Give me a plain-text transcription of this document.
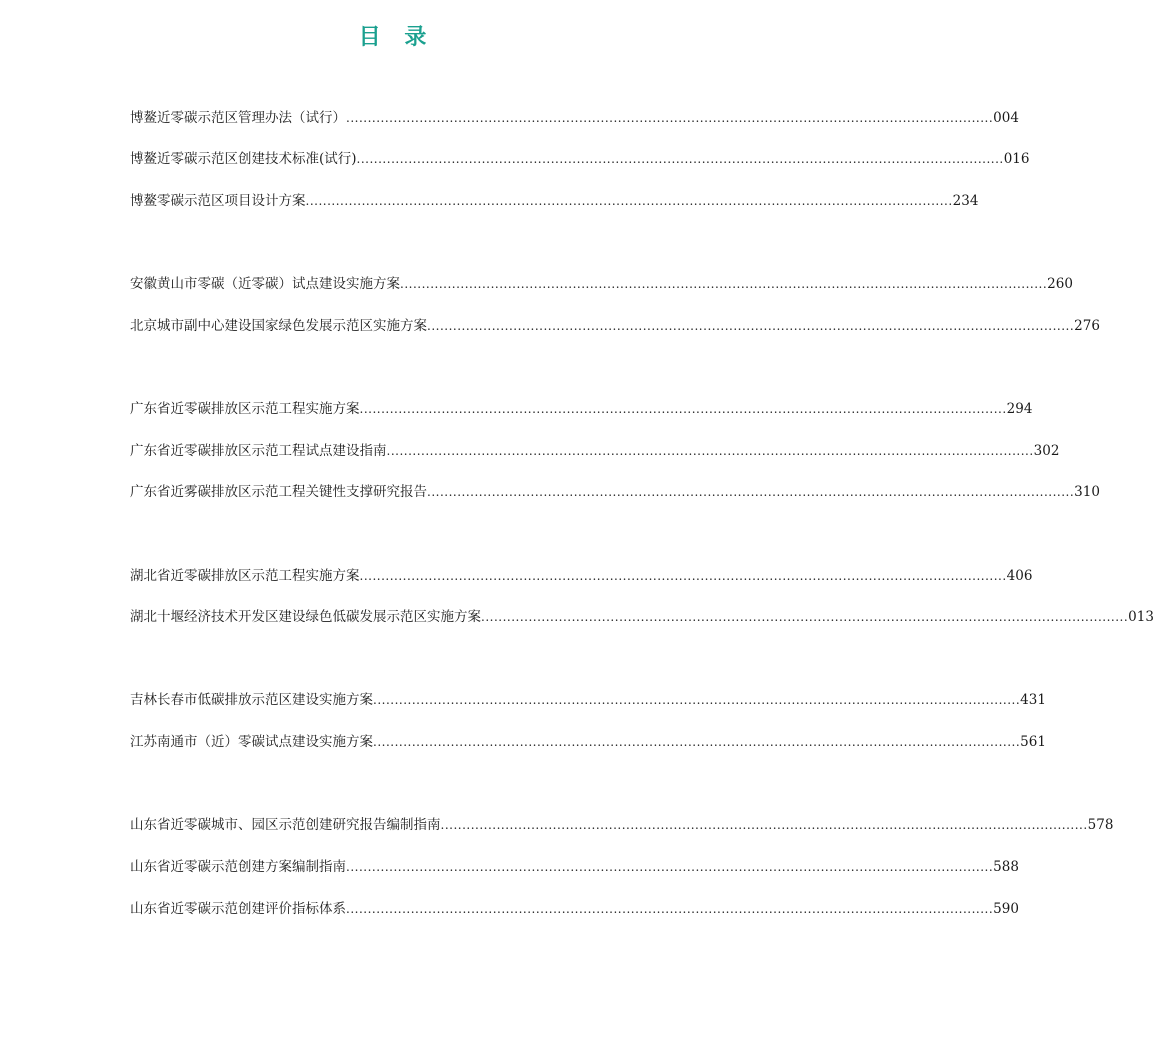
目 录
博鳌近零碳示范区管理办法（试行） ...................................................................................................................................................... 004
博鳌近零碳示范区创建技术标准(试行) ...................................................................................................................................................... 016
博鳌零碳示范区项目设计方案 ...................................................................................................................................................... 234
安徽黄山市零碳（近零碳）试点建设实施方案 ...................................................................................................................................................... 260
北京城市副中心建设国家绿色发展示范区实施方案 ...................................................................................................................................................... 276
广东省近零碳排放区示范工程实施方案 ...................................................................................................................................................... 294
广东省近零碳排放区示范工程试点建设指南 ...................................................................................................................................................... 302
广东省近雾碳排放区示范工程关键性支撑研究报告 ...................................................................................................................................................... 310
湖北省近零碳排放区示范工程实施方案 ...................................................................................................................................................... 406
湖北十堰经济技术开发区建设绿色低碳发展示范区实施方案 ...................................................................................................................................................... 013
吉林长春市低碳排放示范区建设实施方案 ...................................................................................................................................................... 431
江苏南通市（近）零碳试点建设实施方案 ...................................................................................................................................................... 561
山东省近零碳城市、园区示范创建研究报告编制指南 ...................................................................................................................................................... 578
山东省近零碳示范创建方案编制指南 ...................................................................................................................................................... 588
山东省近零碳示范创建评价指标体系 ...................................................................................................................................................... 590
